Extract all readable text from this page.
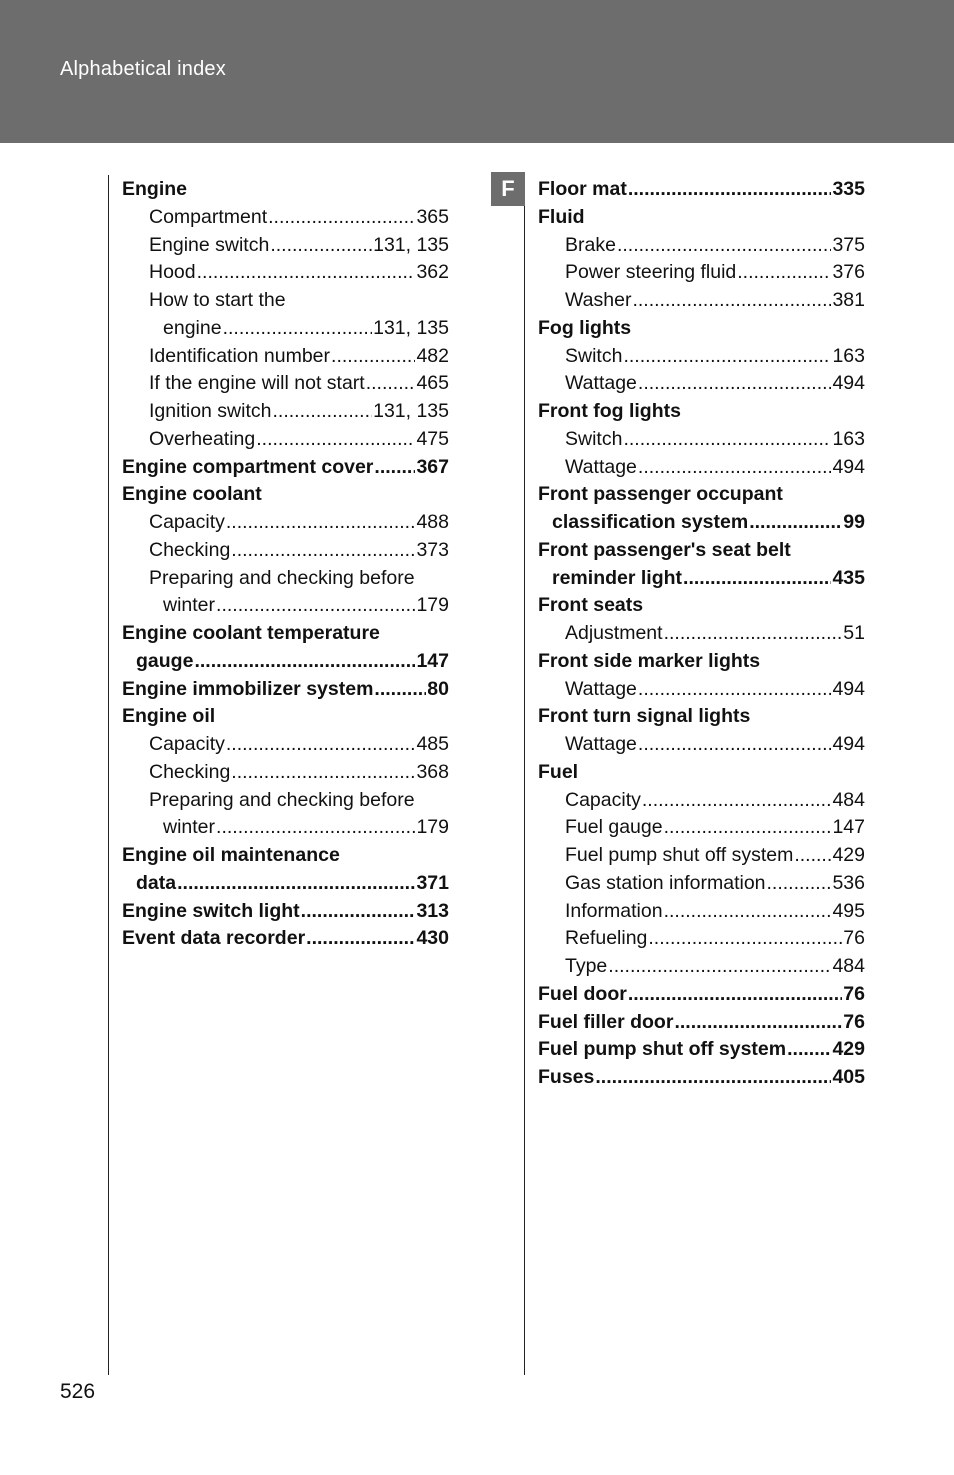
Alphabetical index
F
Engine
Compartment .....	365
Engine switch .....	131, 135
Hood .....	362
How to start the
engine .....	131, 135
Identification number .....	482
If the engine will not start .....	465
Ignition switch .....	131, 135
Overheating .....	475
Engine compartment cover ..... 367
Engine coolant
Capacity .....	488
Checking .....	373
Preparing and checking before
winter .....	179
Engine coolant temperature
gauge .....	147
Engine immobilizer system .....	80
Engine oil
Capacity .....	485
Checking .....	368
Preparing and checking before
winter .....	179
Engine oil maintenance
data .....	371
Engine switch light .....	313
Event data recorder .....	430
Floor mat .....	335
Fluid
Brake .....	375
Power steering fluid .....	376
Washer .....	381
Fog lights
Switch .....	163
Wattage .....	494
Front fog lights
Switch .....	163
Wattage .....	494
Front passenger occupant
classification system .....	99
Front passenger's seat belt
reminder light .....	435
Front seats
Adjustment .....	51
Front side marker lights
Wattage .....	494
Front turn signal lights
Wattage .....	494
Fuel
Capacity .....	484
Fuel gauge .....	147
Fuel pump shut off system ..... 429
Gas station information .....	536
Information .....	495
Refueling .....	76
Type .....	484
Fuel door .....	76
Fuel filler door .....	76
Fuel pump shut off system ..... 429
Fuses .....	405
526
